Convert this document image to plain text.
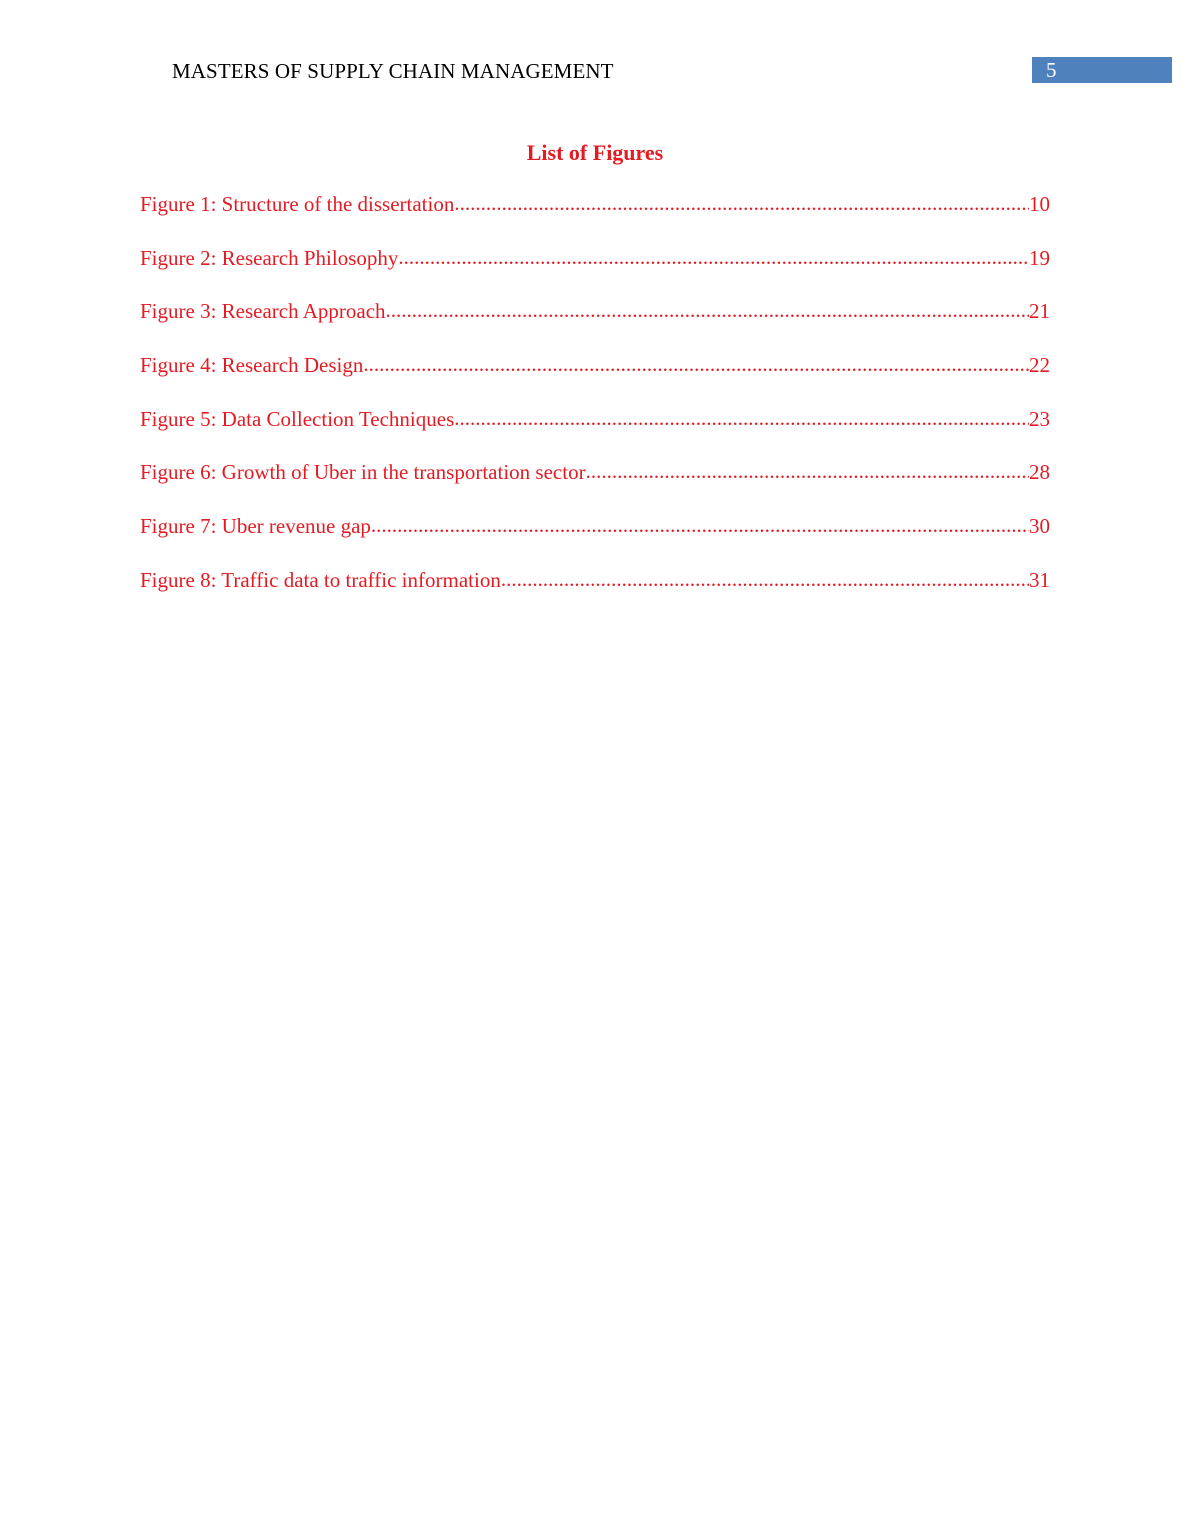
MASTERS OF SUPPLY CHAIN MANAGEMENT	5
List of Figures
Figure 1: Structure of the dissertation .....	10
Figure 2: Research Philosophy .....	19
Figure 3: Research Approach .....	21
Figure 4: Research Design .....	22
Figure 5: Data Collection Techniques .....	23
Figure 6: Growth of Uber in the transportation sector .....	28
Figure 7: Uber revenue gap .....	30
Figure 8: Traffic data to traffic information .....	31
